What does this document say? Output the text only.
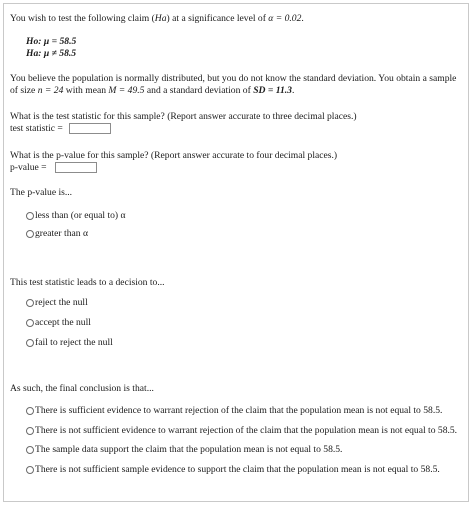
You wish to test the following claim (Ha) at a significance level of α = 0.02.
Ho: μ = 58.5
Ha: μ ≠ 58.5
You believe the population is normally distributed, but you do not know the standard deviation. You obtain a sample
of size n = 24 with mean M = 49.5 and a standard deviation of SD = 11.3.
What is the test statistic for this sample? (Report answer accurate to three decimal places.)
test statistic =
What is the p-value for this sample? (Report answer accurate to four decimal places.)
p-value =
The p-value is...
less than (or equal to) α
greater than α
This test statistic leads to a decision to...
reject the null
accept the null
fail to reject the null
As such, the final conclusion is that...
There is sufficient evidence to warrant rejection of the claim that the population mean is not equal to 58.5.
There is not sufficient evidence to warrant rejection of the claim that the population mean is not equal to 58.5.
The sample data support the claim that the population mean is not equal to 58.5.
There is not sufficient sample evidence to support the claim that the population mean is not equal to 58.5.
